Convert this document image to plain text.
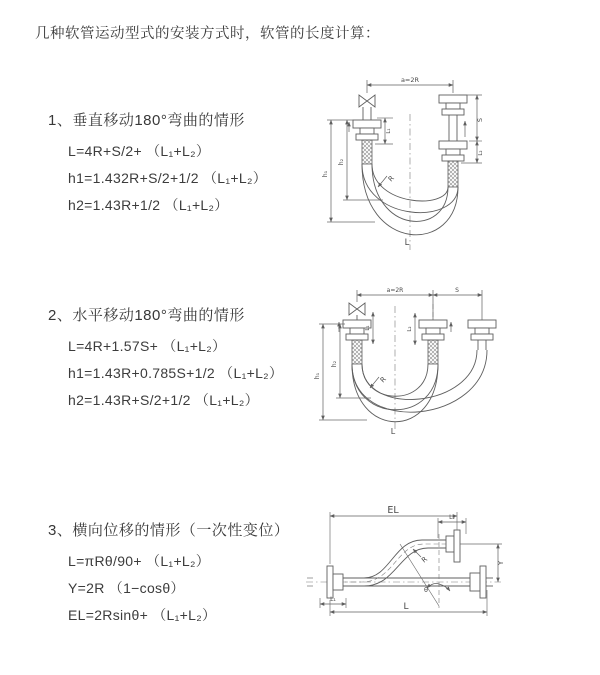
几种软管运动型式的安装方式时，软管的长度计算：
1、垂直移动180°弯曲的情形
L=4R+S/2+ （L₁+L₂）
h1=1.432R+S/2+1/2 （L₁+L₂）
h2=1.43R+1/2 （L₁+L₂）
2、水平移动180°弯曲的情形
L=4R+1.57S+ （L₁+L₂）
h1=1.43R+0.785S+1/2 （L₁+L₂）
h2=1.43R+S/2+1/2 （L₁+L₂）
3、横向位移的情形（一次性变位）
L=πRθ/90+ （L₁+L₂）
Y=2R （1−cosθ）
EL=2Rsinθ+ （L₁+L₂）
a=2R
L₁
S
L₂
R
h₁
h₂
L
a=2R	S
L₁	L₂
R
h₁
h₂
L
θ
R
EL
L₂
Y
L₁
L
